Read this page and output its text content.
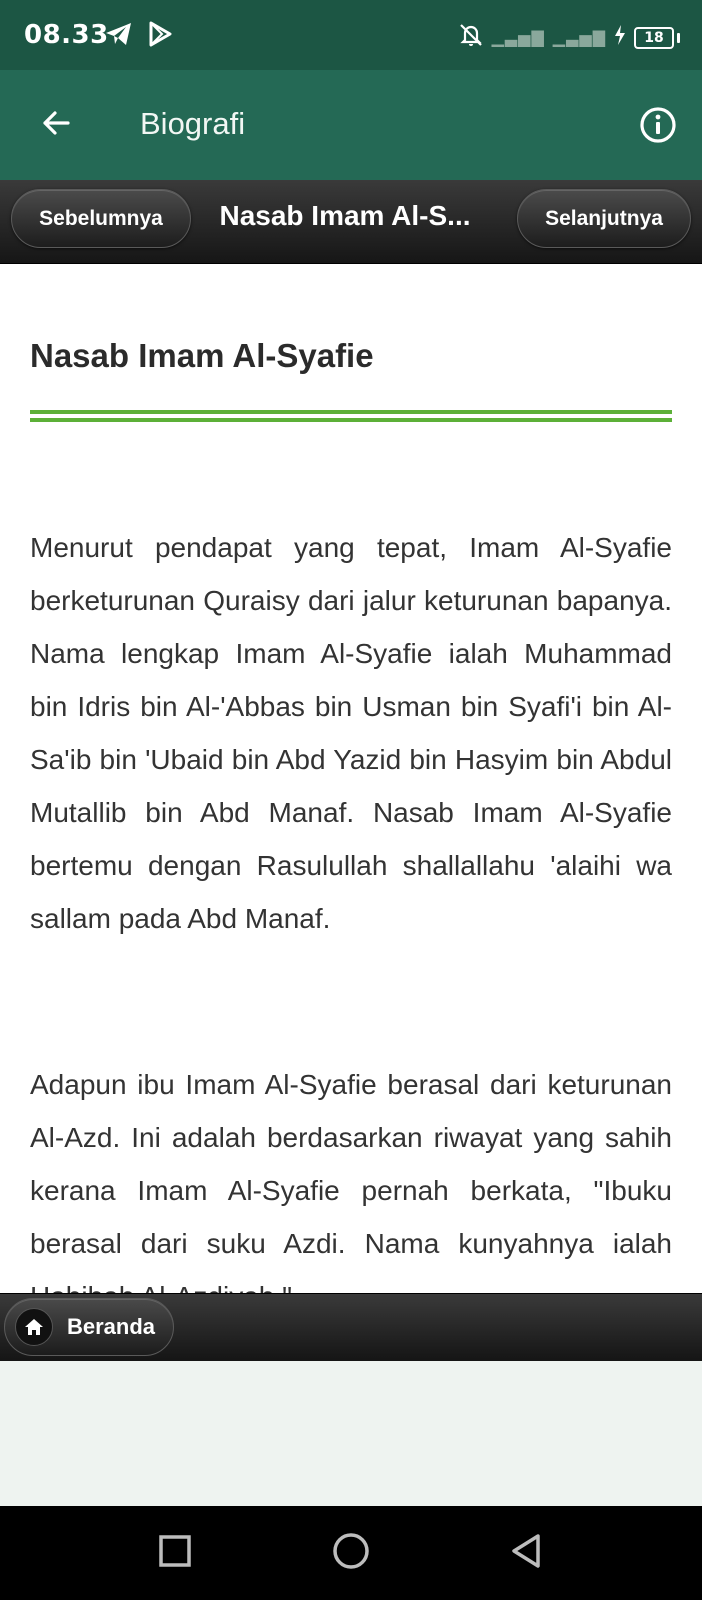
08.33	▁▃▅▇ ▁▃▅▇	18
Biografi
Sebelumnya	Nasab Imam Al-S...	Selanjutnya
Nasab Imam Al-Syafie

Menurut pendapat yang tepat, Imam Al-Syafie berketurunan Quraisy dari jalur keturunan bapanya. Nama lengkap Imam Al-Syafie ialah Muhammad bin Idris bin Al-'Abbas bin Usman bin Syafi'i bin Al-Sa'ib bin 'Ubaid bin Abd Yazid bin Hasyim bin Abdul Mutallib bin Abd Manaf. Nasab Imam Al-Syafie bertemu dengan Rasulullah shallallahu 'alaihi wa sallam pada Abd Manaf.

Adapun ibu Imam Al-Syafie berasal dari keturunan Al-Azd. Ini adalah berdasarkan riwayat yang sahih kerana Imam Al-Syafie pernah berkata, "Ibuku berasal dari suku Azdi. Nama kunyahnya ialah

Beranda
